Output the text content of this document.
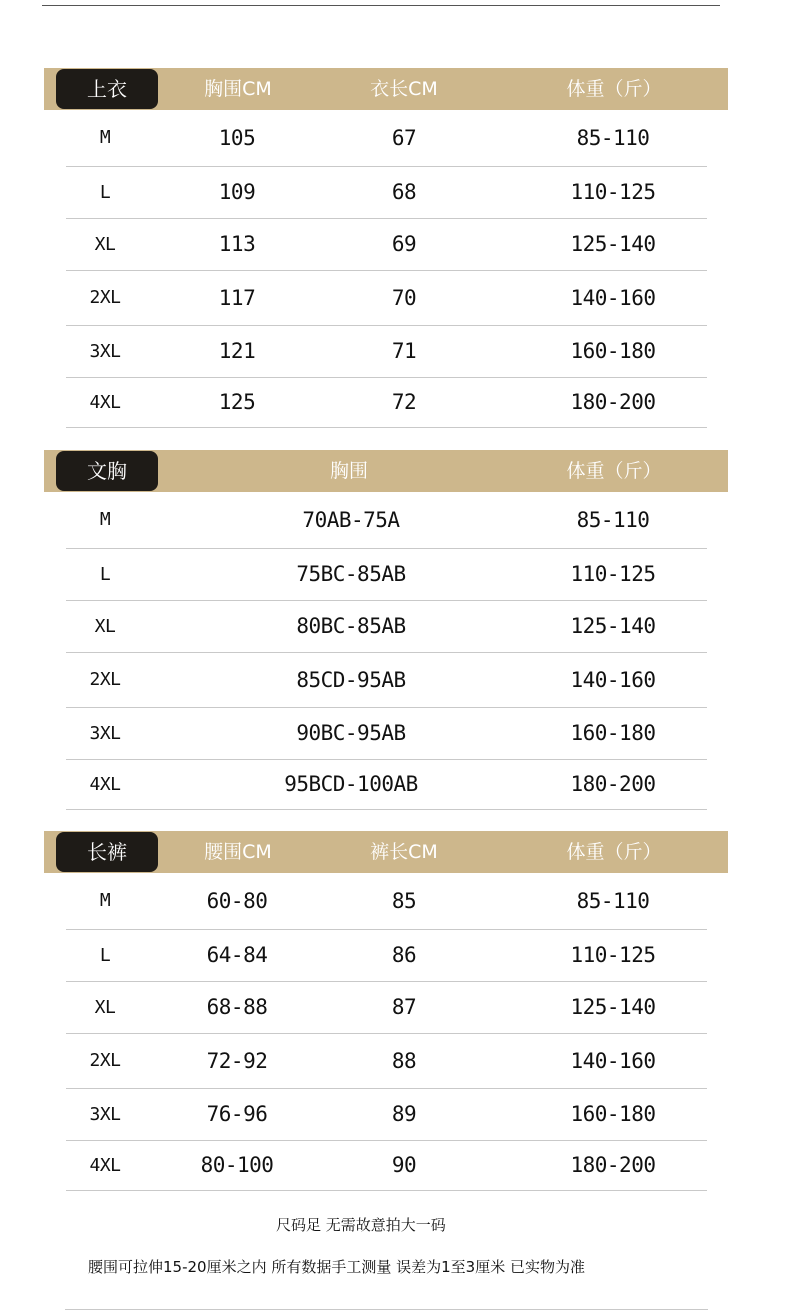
上衣	胸围CM	衣长CM	体重（斤）
M	105	67	85-110
L	109	68	110-125
XL	113	69	125-140
2XL	117	70	140-160
3XL	121	71	160-180
4XL	125	72	180-200
文胸	胸围	体重（斤）
M	70AB-75A	85-110
L	75BC-85AB	110-125
XL	80BC-85AB	125-140
2XL	85CD-95AB	140-160
3XL	90BC-95AB	160-180
4XL	95BCD-100AB	180-200
长裤	腰围CM	裤长CM	体重（斤）
M	60-80	85	85-110
L	64-84	86	110-125
XL	68-88	87	125-140
2XL	72-92	88	140-160
3XL	76-96	89	160-180
4XL	80-100	90	180-200
尺码足 无需故意拍大一码
腰围可拉伸15-20厘米之内 所有数据手工测量 误差为1至3厘米 已实物为准
